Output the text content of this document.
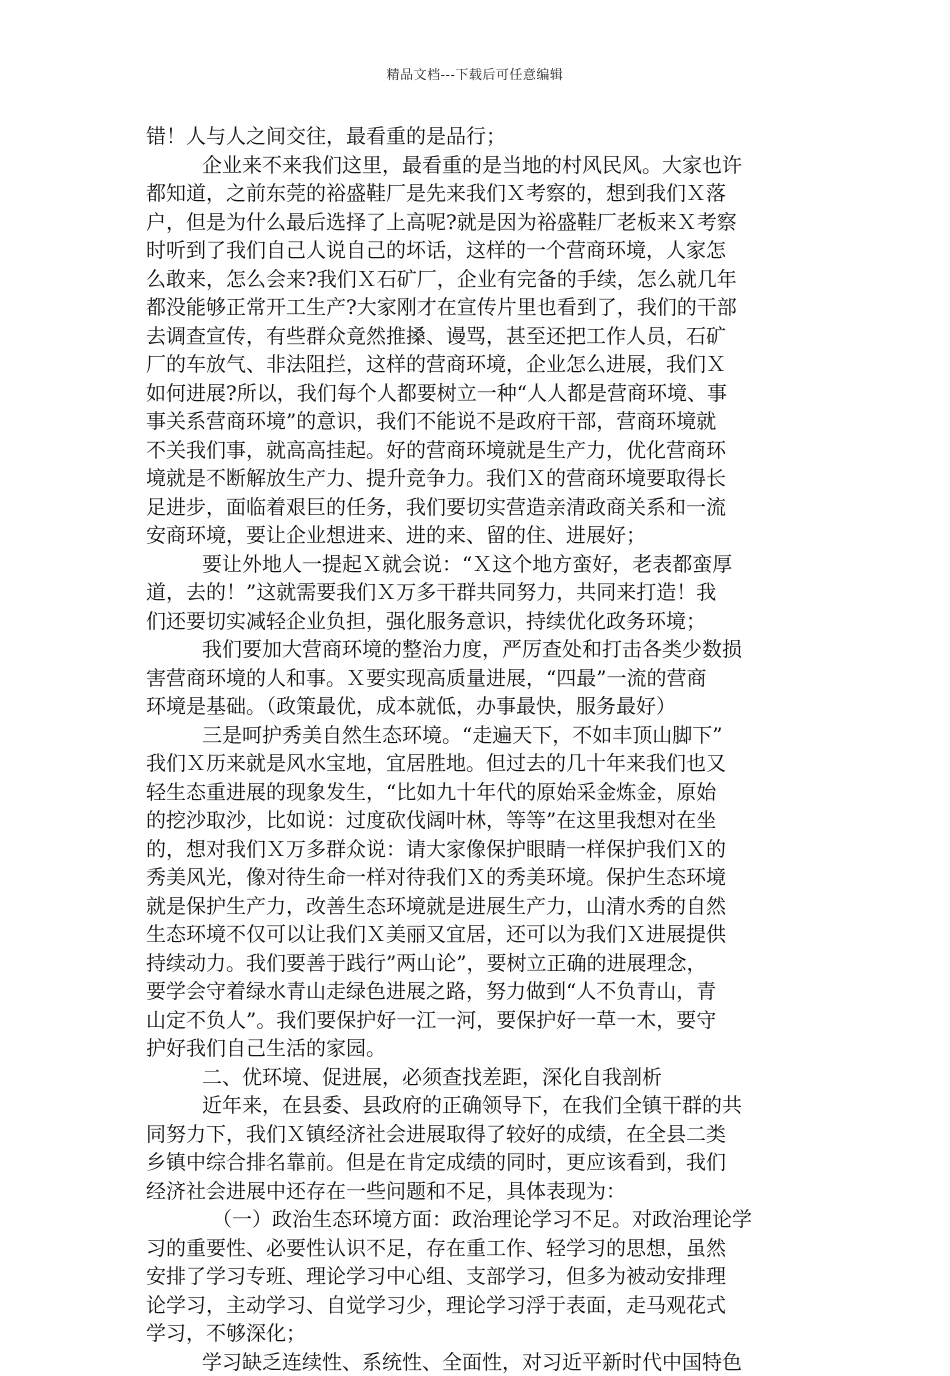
精品文档---下载后可任意编辑
错！人与人之间交往，最看重的是品行；
企业来不来我们这里，最看重的是当地的村风民风。大家也许
都知道，之前东莞的裕盛鞋厂是先来我们Ｘ考察的，想到我们Ｘ落
户，但是为什么最后选择了上高呢?就是因为裕盛鞋厂老板来Ｘ考察
时听到了我们自己人说自己的坏话，这样的一个营商环境，人家怎
么敢来，怎么会来?我们Ｘ石矿厂，企业有完备的手续，怎么就几年
都没能够正常开工生产?大家刚才在宣传片里也看到了，我们的干部
去调查宣传，有些群众竟然推搡、谩骂，甚至还把工作人员，石矿
厂的车放气、非法阻拦，这样的营商环境，企业怎么进展，我们Ｘ
如何进展?所以，我们每个人都要树立一种“人人都是营商环境、事
事关系营商环境”的意识，我们不能说不是政府干部，营商环境就
不关我们事，就高高挂起。好的营商环境就是生产力，优化营商环
境就是不断解放生产力、提升竞争力。我们Ｘ的营商环境要取得长
足进步，面临着艰巨的任务，我们要切实营造亲清政商关系和一流
安商环境，要让企业想进来、进的来、留的住、进展好；
要让外地人一提起Ｘ就会说：“Ｘ这个地方蛮好，老表都蛮厚
道，去的！”这就需要我们Ｘ万多干群共同努力，共同来打造！我
们还要切实减轻企业负担，强化服务意识，持续优化政务环境；
我们要加大营商环境的整治力度，严厉查处和打击各类少数损
害营商环境的人和事。Ｘ要实现高质量进展，“四最”一流的营商
环境是基础。（政策最优，成本就低，办事最快，服务最好）
三是呵护秀美自然生态环境。“走遍天下，不如丰顶山脚下”
我们Ｘ历来就是风水宝地，宜居胜地。但过去的几十年来我们也又
轻生态重进展的现象发生，“比如九十年代的原始采金炼金，原始
的挖沙取沙，比如说：过度砍伐阔叶林，等等”在这里我想对在坐
的，想对我们Ｘ万多群众说：请大家像保护眼睛一样保护我们Ｘ的
秀美风光，像对待生命一样对待我们Ｘ的秀美环境。保护生态环境
就是保护生产力，改善生态环境就是进展生产力，山清水秀的自然
生态环境不仅可以让我们Ｘ美丽又宜居，还可以为我们Ｘ进展提供
持续动力。我们要善于践行”两山论”，要树立正确的进展理念，
要学会守着绿水青山走绿色进展之路，努力做到“人不负青山，青
山定不负人”。我们要保护好一江一河，要保护好一草一木，要守
护好我们自己生活的家园。
二、优环境、促进展，必须查找差距，深化自我剖析
近年来，在县委、县政府的正确领导下，在我们全镇干群的共
同努力下，我们Ｘ镇经济社会进展取得了较好的成绩，在全县二类
乡镇中综合排名靠前。但是在肯定成绩的同时，更应该看到，我们
经济社会进展中还存在一些问题和不足，具体表现为：
（一）政治生态环境方面：政治理论学习不足。对政治理论学
习的重要性、必要性认识不足，存在重工作、轻学习的思想，虽然
安排了学习专班、理论学习中心组、支部学习，但多为被动安排理
论学习，主动学习、自觉学习少，理论学习浮于表面，走马观花式
学习，不够深化；
学习缺乏连续性、系统性、全面性，对习近平新时代中国特色
